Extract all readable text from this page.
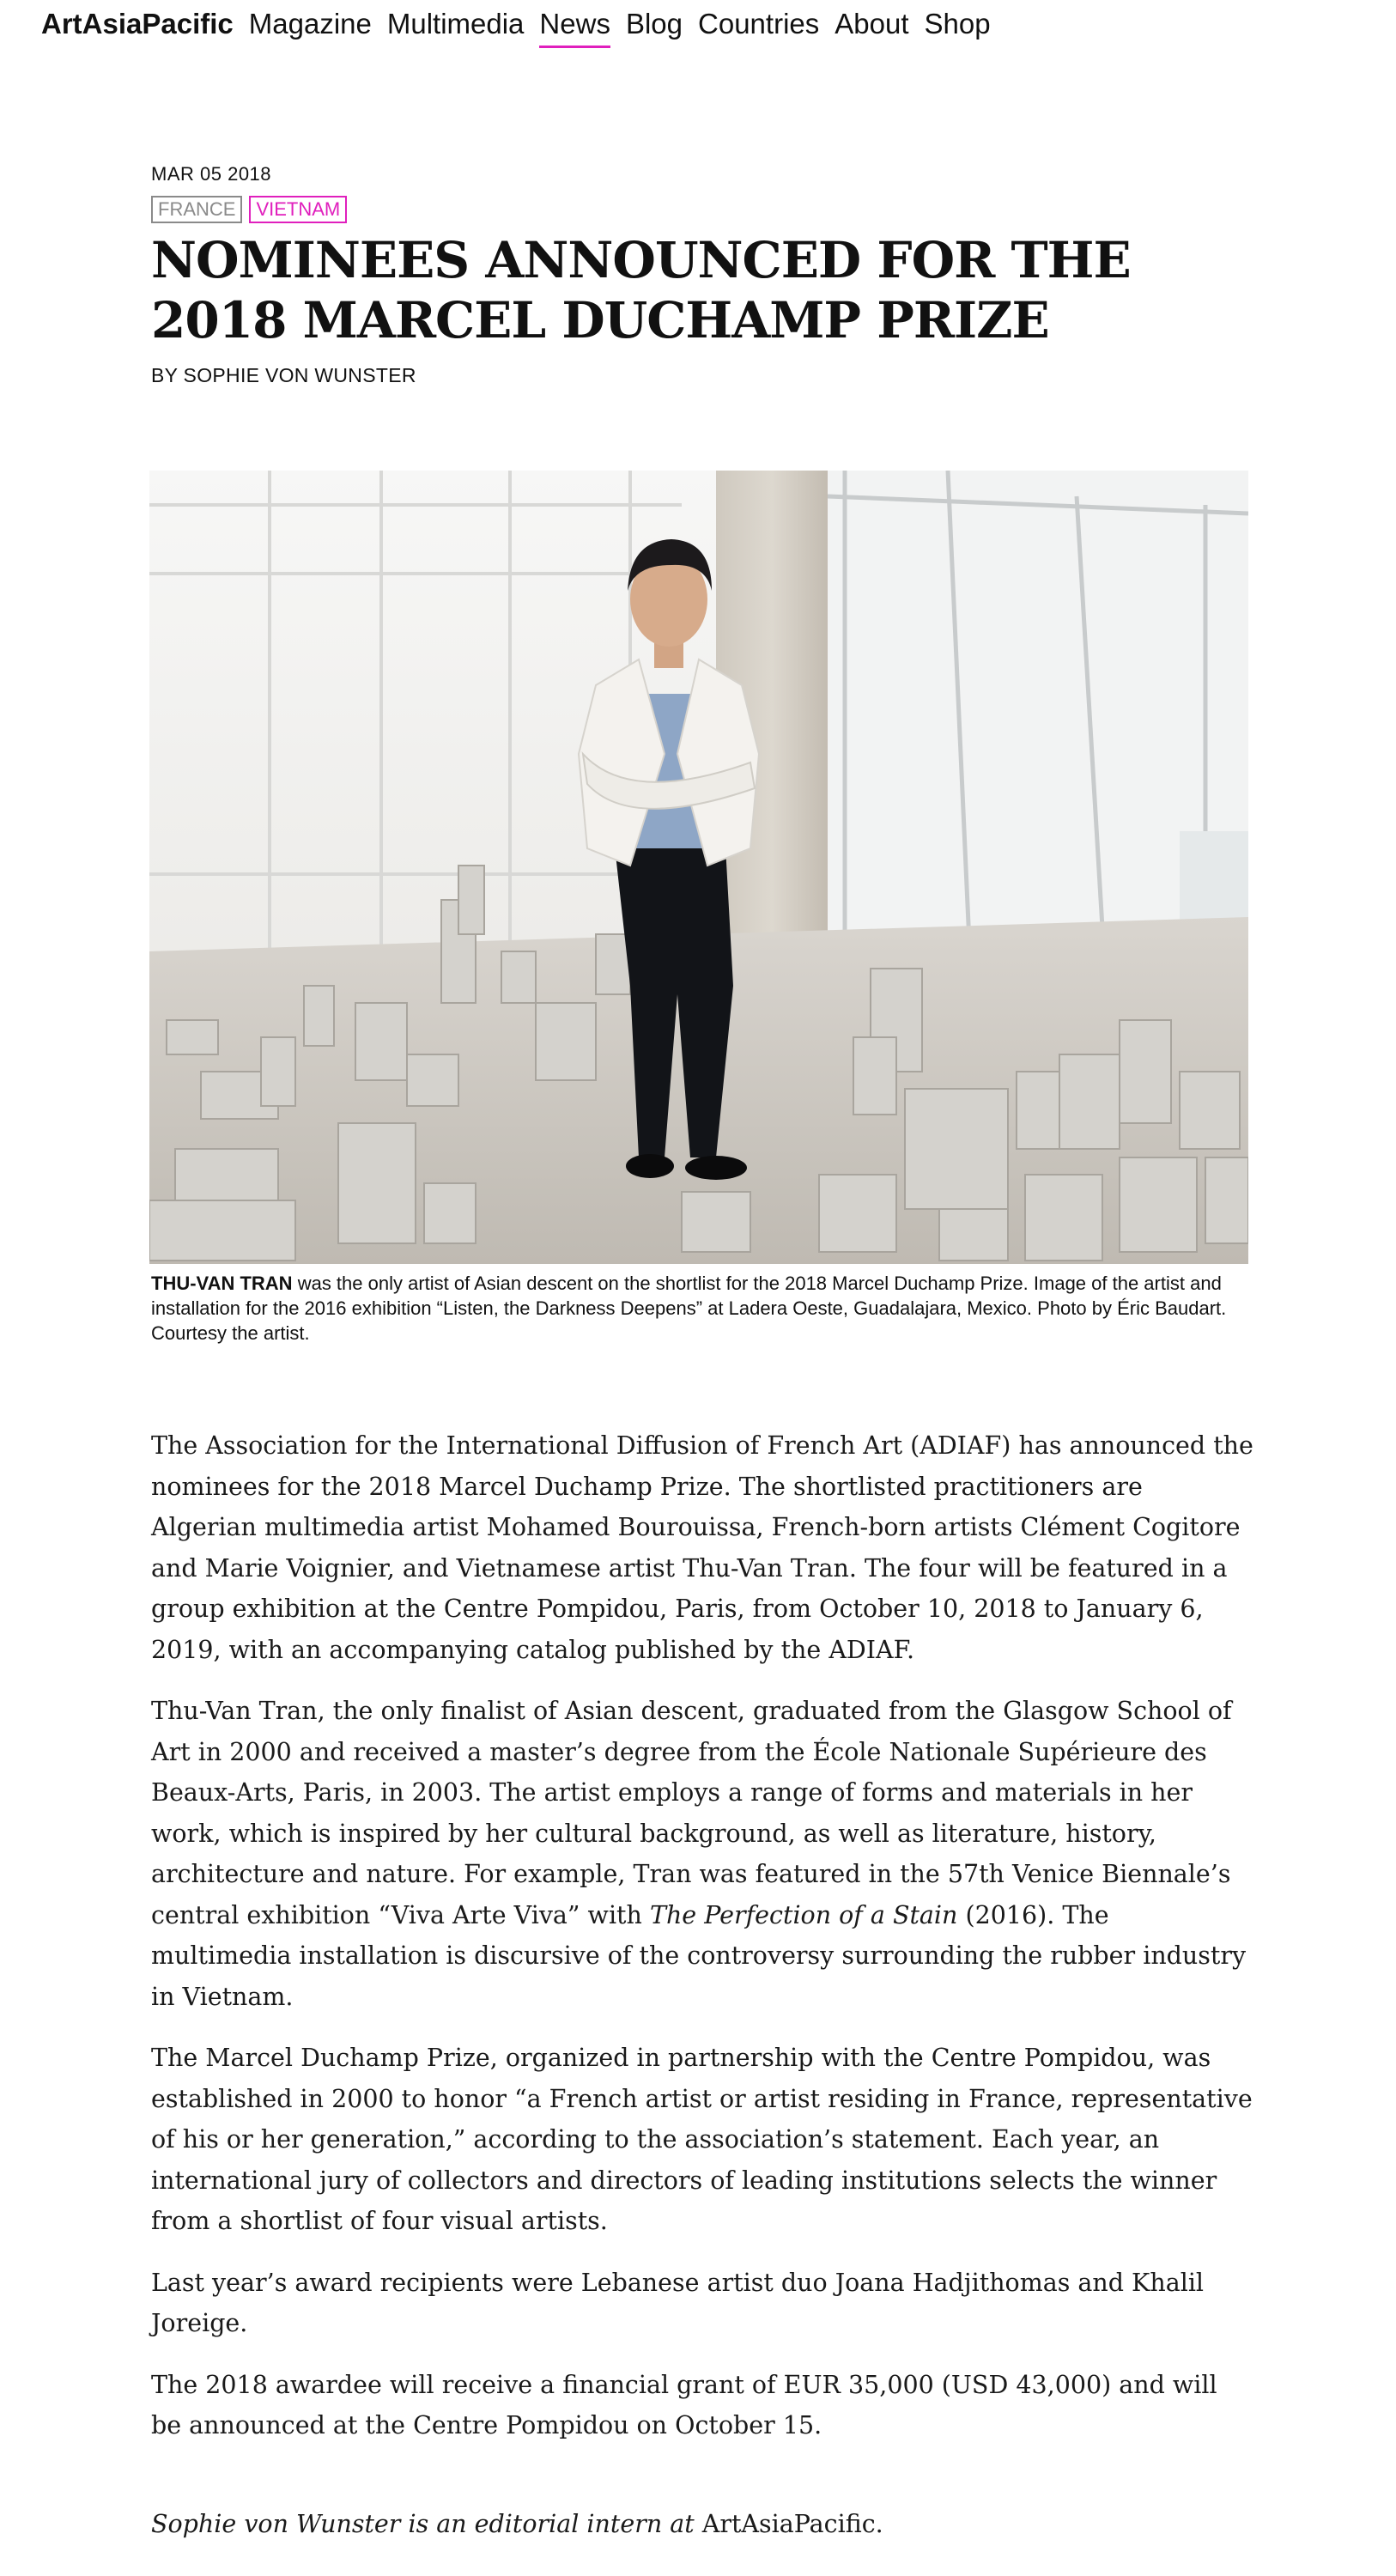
ArtAsiaPacific Magazine Multimedia News Blog Countries About Shop
MAR 05 2018
FRANCE	VIETNAM
NOMINEES ANNOUNCED FOR THE 2018 MARCEL DUCHAMP PRIZE
BY SOPHIE VON WUNSTER
THU-VAN TRAN was the only artist of Asian descent on the shortlist for the 2018 Marcel Duchamp Prize. Image of the artist and installation for the 2016 exhibition “Listen, the Darkness Deepens” at Ladera Oeste, Guadalajara, Mexico. Photo by Éric Baudart. Courtesy the artist.

The Association for the International Diffusion of French Art (ADIAF) has announced the nominees for the 2018 Marcel Duchamp Prize. The shortlisted practitioners are Algerian multimedia artist Mohamed Bourouissa, French-born artists Clément Cogitore and Marie Voignier, and Vietnamese artist Thu-Van Tran. The four will be featured in a group exhibition at the Centre Pompidou, Paris, from October 10, 2018 to January 6, 2019, with an accompanying catalog published by the ADIAF.

Thu-Van Tran, the only finalist of Asian descent, graduated from the Glasgow School of Art in 2000 and received a master’s degree from the École Nationale Supérieure des Beaux-Arts, Paris, in 2003. The artist employs a range of forms and materials in her work, which is inspired by her cultural background, as well as literature, history, architecture and nature. For example, Tran was featured in the 57th Venice Biennale’s central exhibition “Viva Arte Viva” with The Perfection of a Stain (2016). The multimedia installation is discursive of the controversy surrounding the rubber industry in Vietnam.

The Marcel Duchamp Prize, organized in partnership with the Centre Pompidou, was established in 2000 to honor “a French artist or artist residing in France, representative of his or her generation,” according to the association’s statement. Each year, an international jury of collectors and directors of leading institutions selects the winner from a shortlist of four visual artists.

Last year’s award recipients were Lebanese artist duo Joana Hadjithomas and Khalil Joreige.

The 2018 awardee will receive a financial grant of EUR 35,000 (USD 43,000) and will be announced at the Centre Pompidou on October 15.

Sophie von Wunster is an editorial intern at ArtAsiaPacific.
